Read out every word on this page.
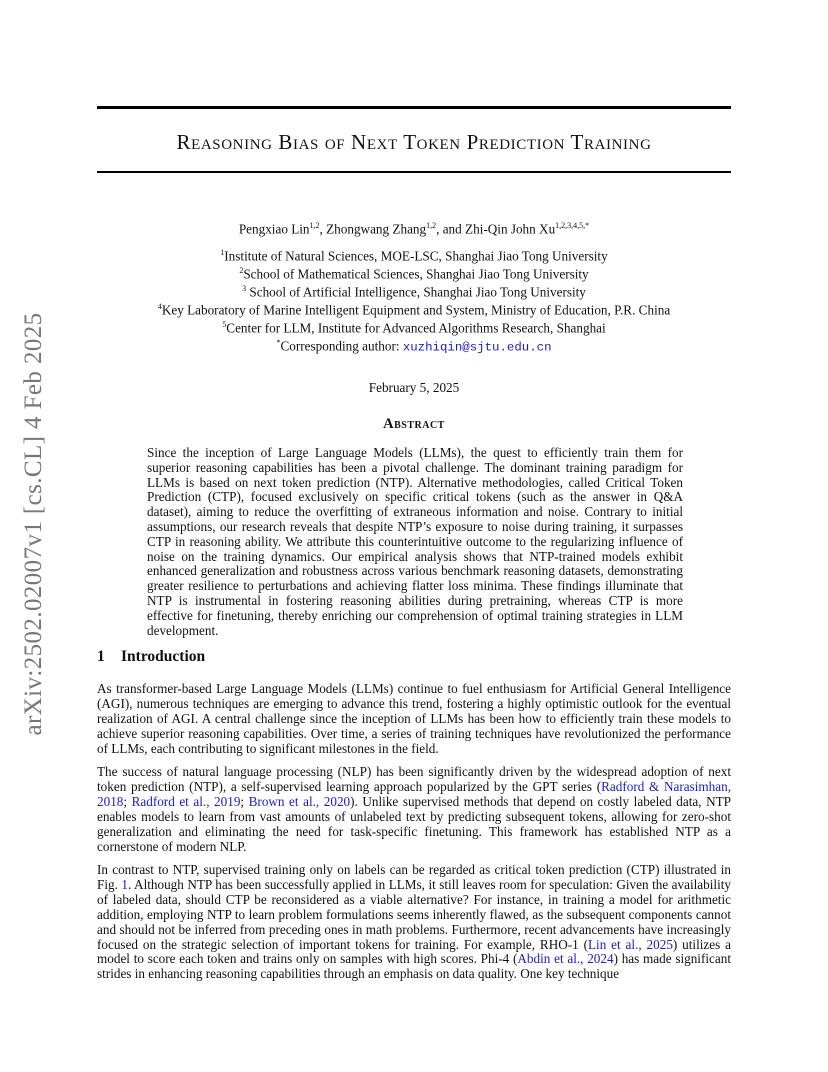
arXiv:2502.02007v1 [cs.CL] 4 Feb 2025
Reasoning Bias of Next Token Prediction Training
Pengxiao Lin$^{1,2}$, Zhongwang Zhang$^{1,2}$, and Zhi-Qin John $Xu^{1,2,3,4,5,*}$
$^1$Institute of Natural Sciences, MOE-LSC, Shanghai Jiao Tong University
$^2$School of Mathematical Sciences, Shanghai Jiao Tong University
$^3$ School of Artificial Intelligence, Shanghai Jiao Tong University
$^4$Key Laboratory of Marine Intelligent Equipment and System, Ministry of Education, P.R. China
$^5$Center for LLM, Institute for Advanced Algorithms Research, Shanghai
*Corresponding author: xuzhiqin@sjtu.edu.cn
February 5, 2025
Abstract
Since the inception of Large Language Models (LLMs), the quest to efficiently train them for superior reasoning capabilities has been a pivotal challenge. The dominant training paradigm for LLMs is based on next token prediction (NTP). Alternative methodologies, called Critical Token Prediction (CTP), focused exclusively on specific critical tokens (such as the answer in Q&A dataset), aiming to reduce the overfitting of extraneous information and noise. Contrary to initial assumptions, our research reveals that despite NTP’s exposure to noise during training, it surpasses CTP in reasoning ability. We attribute this counterintuitive outcome to the regularizing influence of noise on the training dynamics. Our empirical analysis shows that NTP-trained models exhibit enhanced generalization and robustness across various benchmark reasoning datasets, demonstrating greater resilience to perturbations and achieving flatter loss minima. These findings illuminate that NTP is instrumental in fostering reasoning abilities during pretraining, whereas CTP is more effective for finetuning, thereby enriching our comprehension of optimal training strategies in LLM development.
1 Introduction

As transformer-based Large Language Models (LLMs) continue to fuel enthusiasm for Artificial General Intelligence (AGI), numerous techniques are emerging to advance this trend, fostering a highly optimistic outlook for the eventual realization of AGI. A central challenge since the inception of LLMs has been how to efficiently train these models to achieve superior reasoning capabilities. Over time, a series of training techniques have revolutionized the performance of LLMs, each contributing to significant milestones in the field.

The success of natural language processing (NLP) has been significantly driven by the widespread adoption of next token prediction (NTP), a self-supervised learning approach popularized by the GPT series (Radford & Narasimhan, 2018; Radford et al., 2019; Brown et al., 2020). Unlike supervised methods that depend on costly labeled data, NTP enables models to learn from vast amounts of unlabeled text by predicting subsequent tokens, allowing for zero-shot generalization and eliminating the need for task-specific finetuning. This framework has established NTP as a cornerstone of modern NLP.

In contrast to NTP, supervised training only on labels can be regarded as critical token prediction (CTP) illustrated in Fig. 1. Although NTP has been successfully applied in LLMs, it still leaves room for speculation: Given the availability of labeled data, should CTP be reconsidered as a viable alternative? For instance, in training a model for arithmetic addition, employing NTP to learn problem formulations seems inherently flawed, as the subsequent components cannot and should not be inferred from preceding ones in math problems. Furthermore, recent advancements have increasingly focused on the strategic selection of important tokens for training. For example, RHO-1 (Lin et al., 2025) utilizes a model to score each token and trains only on samples with high scores. Phi-4 (Abdin et al., 2024) has made significant strides in enhancing reasoning capabilities through an emphasis on data quality. One key technique
